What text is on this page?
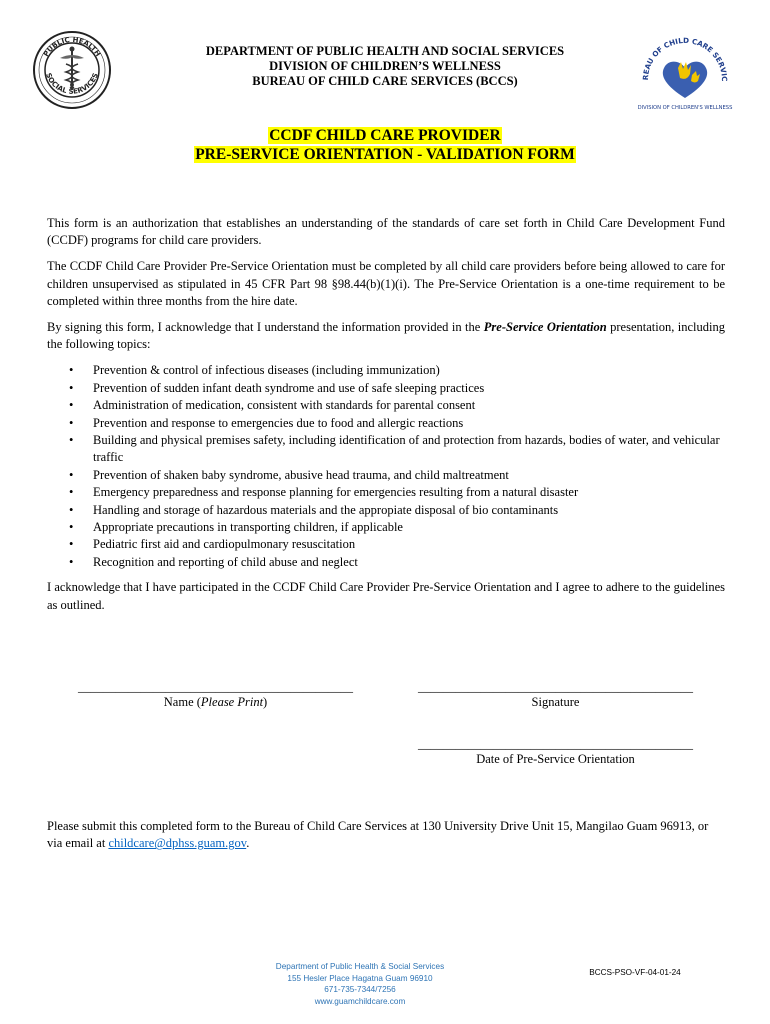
PUBLIC HEALTH
SOCIAL SERVICES
DEPARTMENT OF PUBLIC HEALTH AND SOCIAL SERVICES
DIVISION OF CHILDREN’S WELLNESS
BUREAU OF CHILD CARE SERVICES (BCCS)	REAU OF CHILD CARE SERVIC
DIVISION OF CHILDREN'S WELLNESS
CCDF CHILD CARE PROVIDER
PRE-SERVICE ORIENTATION - VALIDATION FORM

This form is an authorization that establishes an understanding of the standards of care set forth in Child Care Development Fund (CCDF) programs for child care providers.

The CCDF Child Care Provider Pre-Service Orientation must be completed by all child care providers before being allowed to care for children unsupervised as stipulated in 45 CFR Part 98 §98.44(b)(1)(i). The Pre-Service Orientation is a one-time requirement to be completed within three months from the hire date.

By signing this form, I acknowledge that I understand the information provided in the Pre-Service Orientation presentation, including the following topics:

• Prevention & control of infectious diseases (including immunization)
• Prevention of sudden infant death syndrome and use of safe sleeping practices
• Administration of medication, consistent with standards for parental consent
• Prevention and response to emergencies due to food and allergic reactions
• Building and physical premises safety, including identification of and protection from hazards, bodies of water, and vehicular traffic
• Prevention of shaken baby syndrome, abusive head trauma, and child maltreatment
• Emergency preparedness and response planning for emergencies resulting from a natural disaster
• Handling and storage of hazardous materials and the appropiate disposal of bio contaminants
• Appropriate precautions in transporting children, if applicable
• Pediatric first aid and cardiopulmonary resuscitation
• Recognition and reporting of child abuse and neglect

I acknowledge that I have participated in the CCDF Child Care Provider Pre-Service Orientation and I agree to adhere to the guidelines as outlined.

____________________________________________
Name (Please Print)
____________________________________________
Signature
____________________________________________
Date of Pre-Service Orientation
Please submit this completed form to the Bureau of Child Care Services at 130 University Drive Unit 15, Mangilao Guam 96913, or via email at childcare@dphss.guam.gov.
Department of Public Health & Social Services
155 Hesler Place Hagatna Guam 96910
671-735-7344/7256
www.guamchildcare.com
BCCS-PSO-VF-04-01-24
